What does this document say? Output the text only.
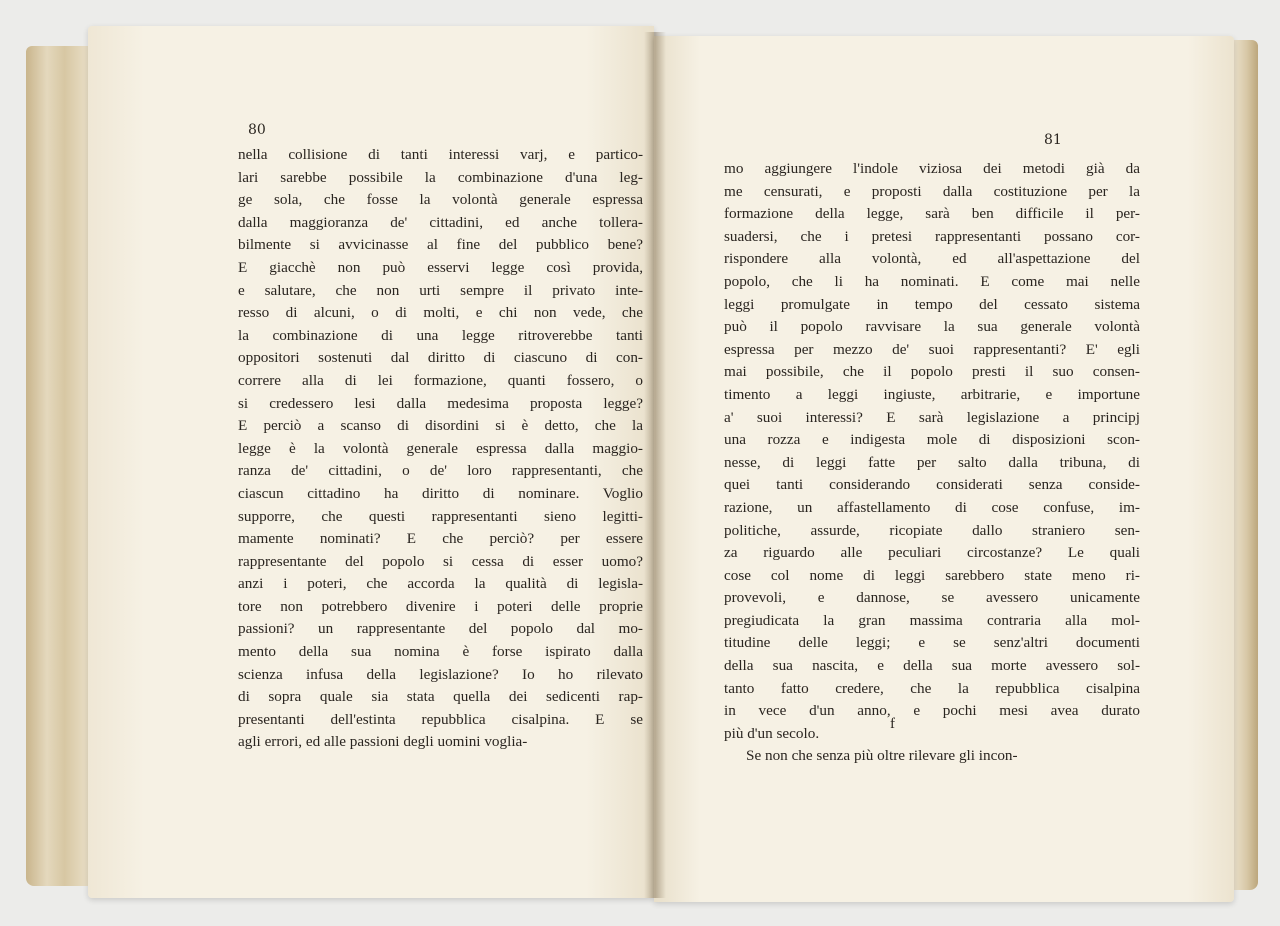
80
nella collisione di tanti interessi varj, e partico-
lari sarebbe possibile la combinazione d'una leg-
ge sola, che fosse la volontà generale espressa
dalla maggioranza de' cittadini, ed anche tollera-
bilmente si avvicinasse al fine del pubblico bene?
E giacchè non può esservi legge così provida,
e salutare, che non urti sempre il privato inte-
resso di alcuni, o di molti, e chi non vede, che
la combinazione di una legge ritroverebbe tanti
oppositori sostenuti dal diritto di ciascuno di con-
correre alla di lei formazione, quanti fossero, o
si credessero lesi dalla medesima proposta legge?
E perciò a scanso di disordini si è detto, che la
legge è la volontà generale espressa dalla maggio-
ranza de' cittadini, o de' loro rappresentanti, che
ciascun cittadino ha diritto di nominare. Voglio
supporre, che questi rappresentanti sieno legitti-
mamente nominati? E che perciò? per essere
rappresentante del popolo si cessa di esser uomo?
anzi i poteri, che accorda la qualità di legisla-
tore non potrebbero divenire i poteri delle proprie
passioni? un rappresentante del popolo dal mo-
mento della sua nomina è forse ispirato dalla
scienza infusa della legislazione? Io ho rilevato
di sopra quale sia stata quella dei sedicenti rap-
presentanti dell'estinta repubblica cisalpina. E se
agli errori, ed alle passioni degli uomini voglia-
81
mo aggiungere l'indole viziosa dei metodi già da
me censurati, e proposti dalla costituzione per la
formazione della legge, sarà ben difficile il per-
suadersi, che i pretesi rappresentanti possano cor-
rispondere alla volontà, ed all'aspettazione del
popolo, che li ha nominati. E come mai nelle
leggi promulgate in tempo del cessato sistema
può il popolo ravvisare la sua generale volontà
espressa per mezzo de' suoi rappresentanti? E' egli
mai possibile, che il popolo presti il suo consen-
timento a leggi ingiuste, arbitrarie, e importune
a' suoi interessi? E sarà legislazione a principj
una rozza e indigesta mole di disposizioni scon-
nesse, di leggi fatte per salto dalla tribuna, di
quei tanti considerando considerati senza conside-
razione, un affastellamento di cose confuse, im-
politiche, assurde, ricopiate dallo straniero sen-
za riguardo alle peculiari circostanze? Le quali
cose col nome di leggi sarebbero state meno ri-
provevoli, e dannose, se avessero unicamente
pregiudicata la gran massima contraria alla mol-
titudine delle leggi; e se senz'altri documenti
della sua nascita, e della sua morte avessero sol-
tanto fatto credere, che la repubblica cisalpina
in vece d'un anno, e pochi mesi avea durato
più d'un secolo.
Se non che senza più oltre rilevare gli incon-
f
